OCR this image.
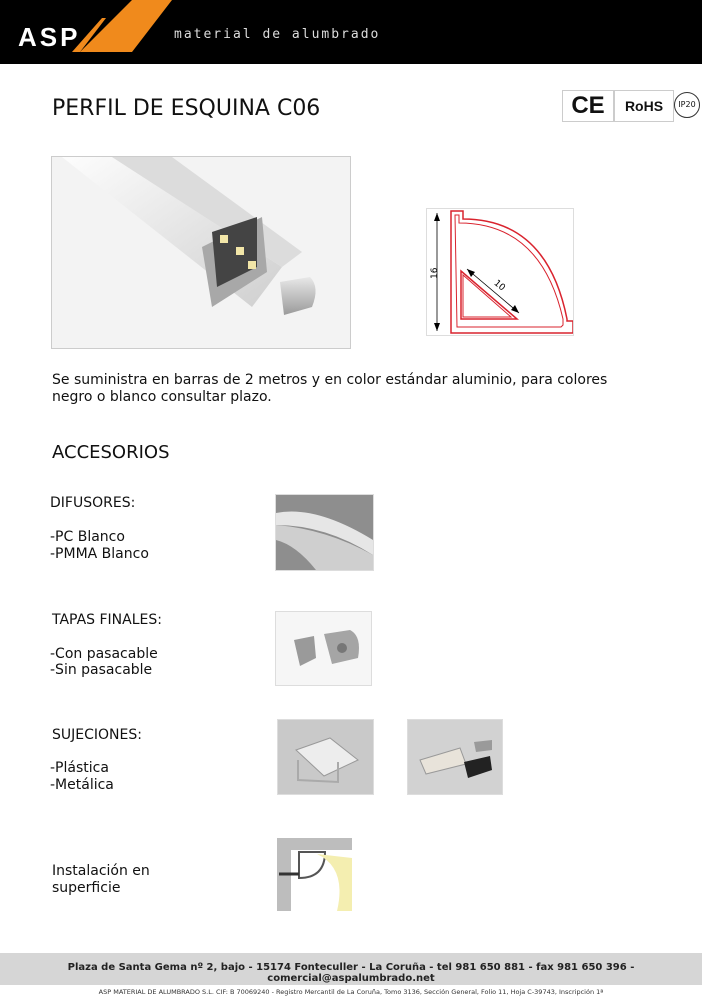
ASP	material de alumbrado
PERFIL DE ESQUINA C06	CE	RoHS	IP20
16
10
Se suministra en barras de 2 metros y en color estándar aluminio, para colores negro o blanco consultar plazo.
ACCESORIOS
DIFUSORES:
-PC Blanco
-PMMA Blanco
TAPAS FINALES:
-Con pasacable
-Sin pasacable
SUJECIONES:
-Plástica
-Metálica
Instalación en
superficie
Plaza de Santa Gema nº 2, bajo - 15174 Fonteculler - La Coruña - tel 981 650 881 - fax 981 650 396 - comercial@aspalumbrado.net
ASP MATERIAL DE ALUMBRADO S.L. CIF: B 70069240 - Registro Mercantil de La Coruña, Tomo 3136, Sección General, Folio 11, Hoja C-39743, Inscripción 1ª
